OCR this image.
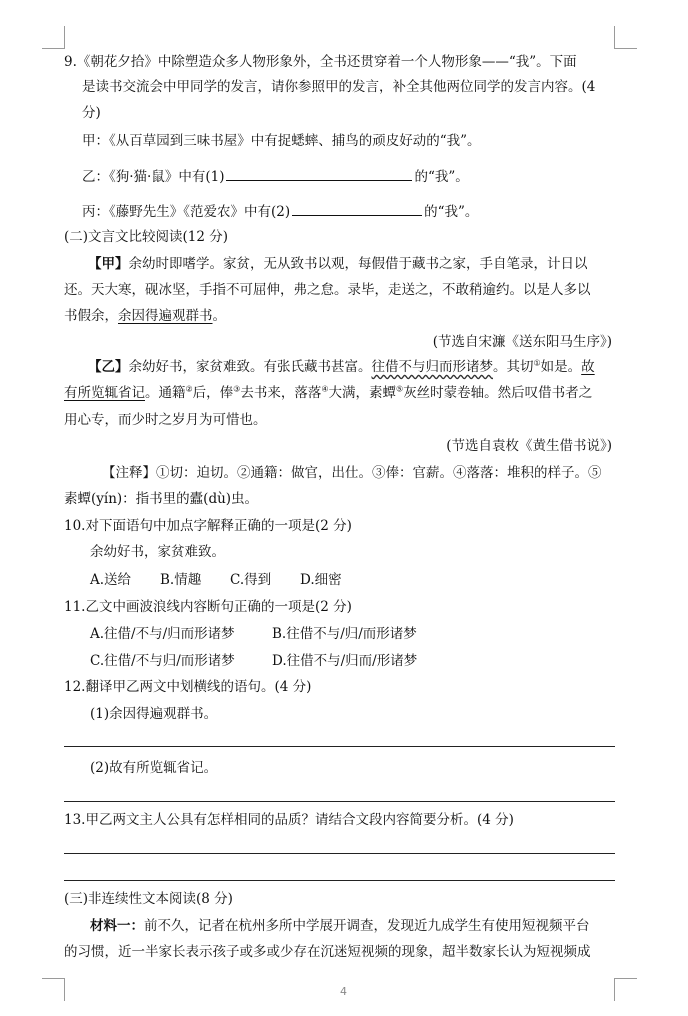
9.《朝花夕拾》中除塑造众多人物形象外，全书还贯穿着一个人物形象——“我”。下面
是读书交流会中甲同学的发言，请你参照甲的发言，补全其他两位同学的发言内容。(4
分)
甲：《从百草园到三味书屋》中有捉蟋蟀、捕鸟的顽皮好动的“我”。
乙：《狗·猫·鼠》中有(1)	的“我”。
丙：《藤野先生》《范爱农》中有(2)	的“我”。
(二)文言文比较阅读(12 分)
【甲】余幼时即嗜学。家贫，无从致书以观，每假借于藏书之家，手自笔录，计日以
还。天大寒，砚冰坚，手指不可屈伸，弗之怠。录毕，走送之，不敢稍逾约。以是人多以
书假余，余因得遍观群书。
(节选自宋濂《送东阳马生序》)
【乙】余幼好书，家贫难致。有张氏藏书甚富。往借不与归而形诸梦。其切①如是。故
有所览辄省记。通籍②后，俸③去书来，落落④大满，素蟫⑤灰丝时蒙卷轴。然后叹借书者之
用心专，而少时之岁月为可惜也。
(节选自袁枚《黄生借书说》)
【注释】①切：迫切。②通籍：做官，出仕。③俸：官薪。④落落：堆积的样子。⑤
素蟫(yín)：指书里的蠹(dù)虫。
10.对下面语句中加点字解释正确的一项是(2 分)
余幼好书，家贫难致。
A.送给 B.情趣 C.得到 D.细密
11.乙文中画波浪线内容断句正确的一项是(2 分)
A.往借/不与/归而形诸梦	B.往借不与/归/而形诸梦
C.往借/不与归/而形诸梦	D.往借不与/归而/形诸梦
12.翻译甲乙两文中划横线的语句。(4 分)
(1)余因得遍观群书。
(2)故有所览辄省记。
13.甲乙两文主人公具有怎样相同的品质？请结合文段内容简要分析。(4 分)
(三)非连续性文本阅读(8 分)
材料一：前不久，记者在杭州多所中学展开调查，发现近九成学生有使用短视频平台
的习惯，近一半家长表示孩子或多或少存在沉迷短视频的现象，超半数家长认为短视频成
4
